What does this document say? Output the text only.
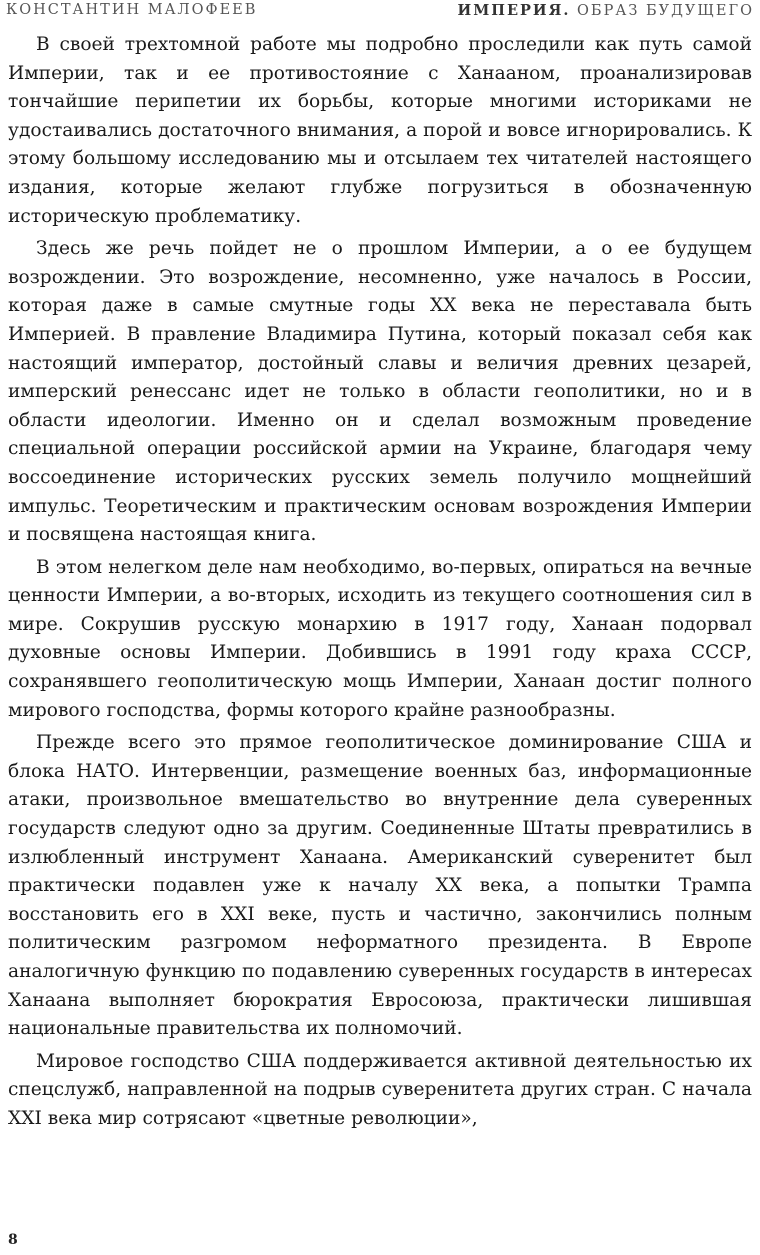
КОНСТАНТИН МАЛОФЕЕВ	ИМПЕРИЯ. ОБРАЗ БУДУЩЕГО

В своей трехтомной работе мы подробно проследили как путь самой Империи, так и ее противостояние с Ханааном, проанализировав тончайшие перипетии их борьбы, которые многими историками не удостаивались достаточного внимания, а порой и вовсе игнорировались. К этому большому исследованию мы и отсылаем тех читателей настоящего издания, которые желают глубже погрузиться в обозначенную историческую проблематику.

Здесь же речь пойдет не о прошлом Империи, а о ее будущем возрождении. Это возрождение, несомненно, уже началось в России, которая даже в самые смутные годы XX века не переставала быть Империей. В правление Владимира Путина, который показал себя как настоящий император, достойный славы и величия древних цезарей, имперский ренессанс идет не только в области геополитики, но и в области идеологии. Именно он и сделал возможным проведение специальной операции российской армии на Украине, благодаря чему воссоединение исторических русских земель получило мощнейший импульс. Теоретическим и практическим основам возрождения Империи и посвящена настоящая книга.

В этом нелегком деле нам необходимо, во-первых, опираться на вечные ценности Империи, а во-вторых, исходить из текущего соотношения сил в мире. Сокрушив русскую монархию в 1917 году, Ханаан подорвал духовные основы Империи. Добившись в 1991 году краха СССР, сохранявшего геополитическую мощь Империи, Ханаан достиг полного мирового господства, формы которого крайне разнообразны.

Прежде всего это прямое геополитическое доминирование США и блока НАТО. Интервенции, размещение военных баз, информационные атаки, произвольное вмешательство во внутренние дела суверенных государств следуют одно за другим. Соединенные Штаты превратились в излюбленный инструмент Ханаана. Американский суверенитет был практически подавлен уже к началу XX века, а попытки Трампа восстановить его в XXI веке, пусть и частично, закончились полным политическим разгромом неформатного президента. В Европе аналогичную функцию по подавлению суверенных государств в интересах Ханаана выполняет бюрократия Евросоюза, практически лишившая национальные правительства их полномочий.

Мировое господство США поддерживается активной деятельностью их спецслужб, направленной на подрыв суверенитета других стран. С начала XXI века мир сотрясают «цветные революции»,

8
